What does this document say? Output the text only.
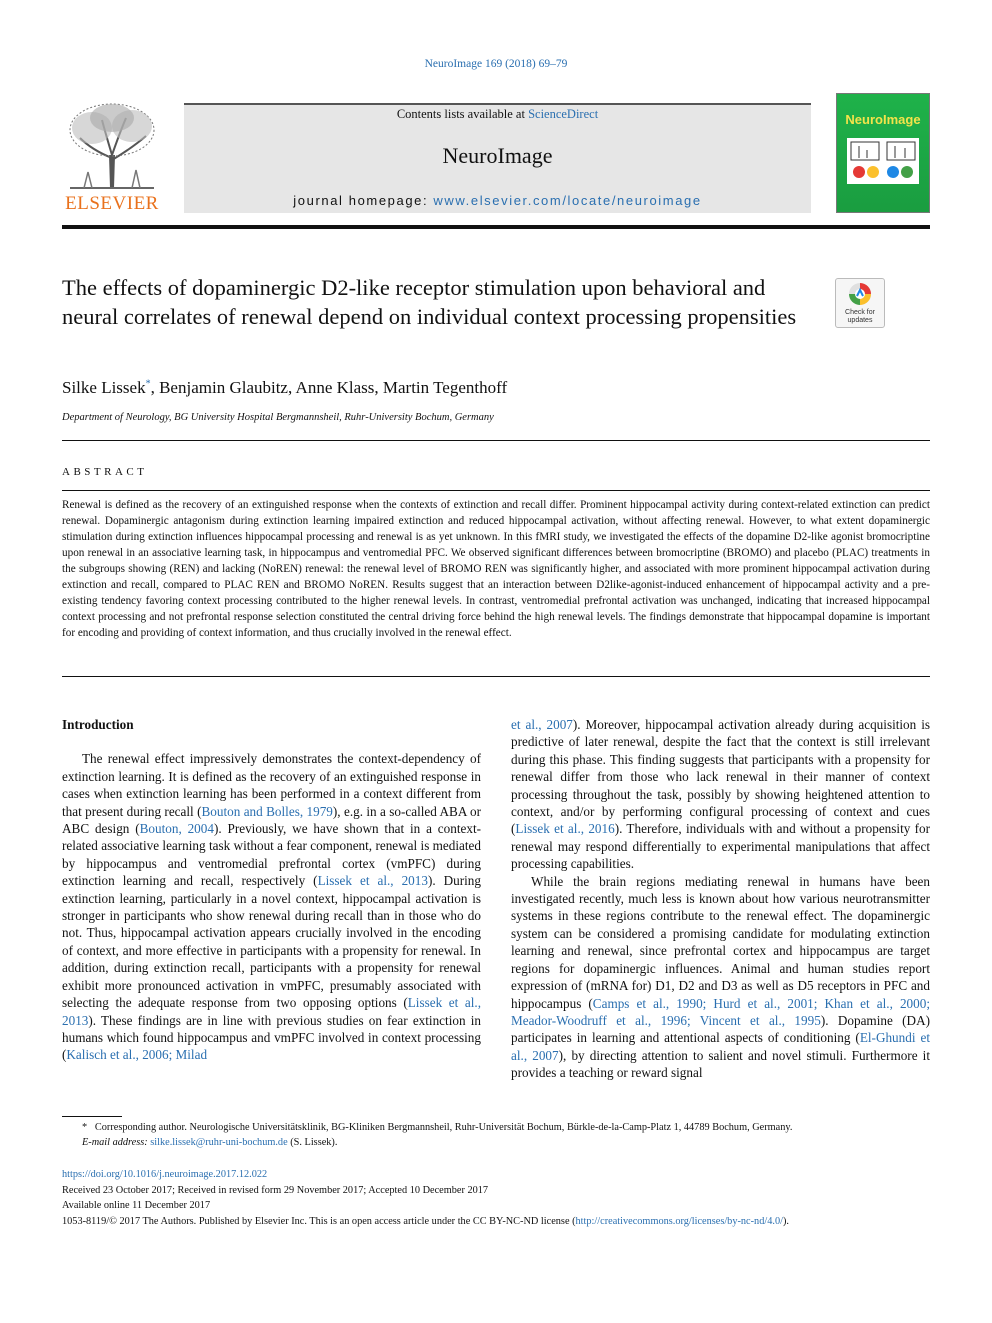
NeuroImage 169 (2018) 69–79
ELSEVIER
Contents lists available at ScienceDirect
NeuroImage
journal homepage: www.elsevier.com/locate/neuroimage
NeuroImage
The effects of dopaminergic D2-like receptor stimulation upon behavioral and neural correlates of renewal depend on individual context processing propensities	Check for updates
Silke Lissek*, Benjamin Glaubitz, Anne Klass, Martin Tegenthoff
Department of Neurology, BG University Hospital Bergmannsheil, Ruhr-University Bochum, Germany
ABSTRACT
Renewal is defined as the recovery of an extinguished response when the contexts of extinction and recall differ. Prominent hippocampal activity during context-related extinction can predict renewal. Dopaminergic antagonism during extinction learning impaired extinction and reduced hippocampal activation, without affecting renewal. However, to what extent dopaminergic stimulation during extinction influences hippocampal processing and renewal is as yet unknown. In this fMRI study, we investigated the effects of the dopamine D2-like agonist bromocriptine upon renewal in an associative learning task, in hippocampus and ventromedial PFC. We observed significant differences between bromocriptine (BROMO) and placebo (PLAC) treatments in the subgroups showing (REN) and lacking (NoREN) renewal: the renewal level of BROMO REN was significantly higher, and associated with more prominent hippocampal activation during extinction and recall, compared to PLAC REN and BROMO NoREN. Results suggest that an interaction between D2like-agonist-induced enhancement of hippocampal activity and a pre-existing tendency favoring context processing contributed to the higher renewal levels. In contrast, ventromedial prefrontal activation was unchanged, indicating that increased hippocampal context processing and not prefrontal response selection constituted the central driving force behind the high renewal levels. The findings demonstrate that hippocampal dopamine is important for encoding and providing of context information, and thus crucially involved in the renewal effect.

Introduction

The renewal effect impressively demonstrates the context-dependency of extinction learning. It is defined as the recovery of an extinguished response in cases when extinction learning has been performed in a context different from that present during recall (Bouton and Bolles, 1979), e.g. in a so-called ABA or ABC design (Bouton, 2004). Previously, we have shown that in a context-related associative learning task without a fear component, renewal is mediated by hippocampus and ventromedial prefrontal cortex (vmPFC) during extinction learning and recall, respectively (Lissek et al., 2013). During extinction learning, particularly in a novel context, hippocampal activation is stronger in participants who show renewal during recall than in those who do not. Thus, hippocampal activation appears crucially involved in the encoding of context, and more effective in participants with a propensity for renewal. In addition, during extinction recall, participants with a propensity for renewal exhibit more pronounced activation in vmPFC, presumably associated with selecting the adequate response from two opposing options (Lissek et al., 2013). These findings are in line with previous studies on fear extinction in humans which found hippocampus and vmPFC involved in context processing (Kalisch et al., 2006; Milad

et al., 2007). Moreover, hippocampal activation already during acquisition is predictive of later renewal, despite the fact that the context is still irrelevant during this phase. This finding suggests that participants with a propensity for renewal differ from those who lack renewal in their manner of context processing throughout the task, possibly by showing heightened attention to context, and/or by performing configural processing of context and cues (Lissek et al., 2016). Therefore, individuals with and without a propensity for renewal may respond differentially to experimental manipulations that affect processing capabilities.

While the brain regions mediating renewal in humans have been investigated recently, much less is known about how various neurotransmitter systems in these regions contribute to the renewal effect. The dopaminergic system can be considered a promising candidate for modulating extinction learning and renewal, since prefrontal cortex and hippocampus are target regions for dopaminergic influences. Animal and human studies report expression of (mRNA for) D1, D2 and D3 as well as D5 receptors in PFC and hippocampus (Camps et al., 1990; Hurd et al., 2001; Khan et al., 2000; Meador-Woodruff et al., 1996; Vincent et al., 1995). Dopamine (DA) participates in learning and attentional aspects of conditioning (El-Ghundi et al., 2007), by directing attention to salient and novel stimuli. Furthermore it provides a teaching or reward signal

* Corresponding author. Neurologische Universitätsklinik, BG-Kliniken Bergmannsheil, Ruhr-Universität Bochum, Bürkle-de-la-Camp-Platz 1, 44789 Bochum, Germany.
E-mail address: silke.lissek@ruhr-uni-bochum.de (S. Lissek).
https://doi.org/10.1016/j.neuroimage.2017.12.022
Received 23 October 2017; Received in revised form 29 November 2017; Accepted 10 December 2017
Available online 11 December 2017
1053-8119/© 2017 The Authors. Published by Elsevier Inc. This is an open access article under the CC BY-NC-ND license (http://creativecommons.org/licenses/by-nc-nd/4.0/).
